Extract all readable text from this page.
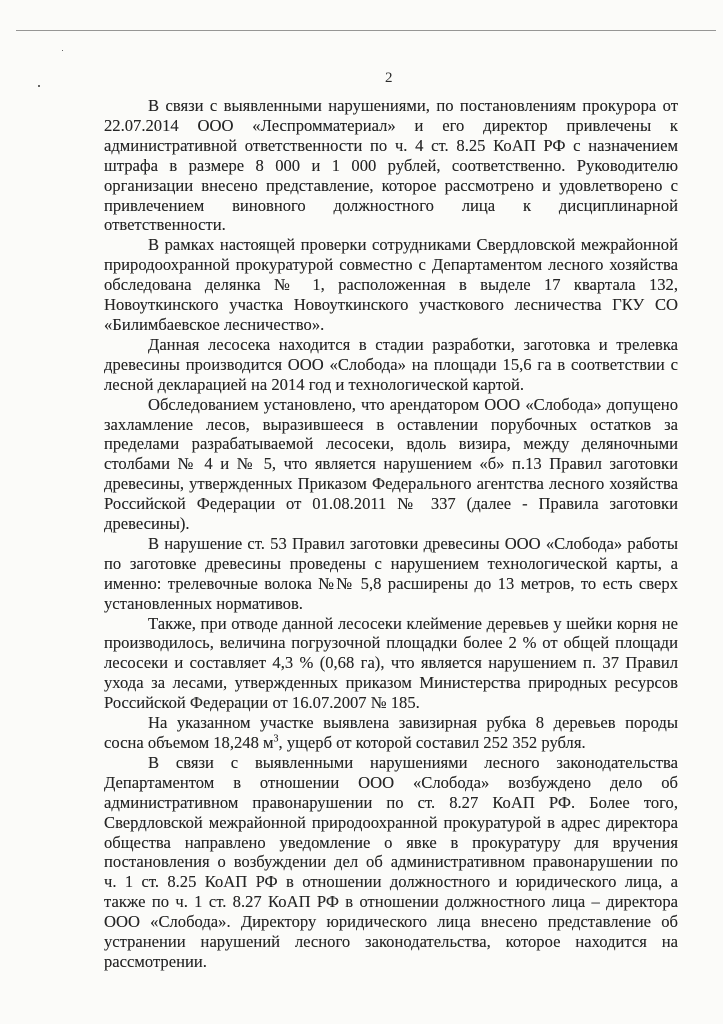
2
В связи с выявленными нарушениями, по постановлениям прокурора от
22.07.2014 ООО «Леспромматериал» и его директор привлечены к
административной ответственности по ч. 4 ст. 8.25 КоАП РФ с назначением
штрафа в размере 8 000 и 1 000 рублей, соответственно. Руководителю
организации внесено представление, которое рассмотрено и удовлетворено с
привлечением виновного должностного лица к дисциплинарной
ответственности.
В рамках настоящей проверки сотрудниками Свердловской межрайонной
природоохранной прокуратурой совместно с Департаментом лесного хозяйства
обследована делянка № 1, расположенная в выделе 17 квартала 132,
Новоуткинского участка Новоуткинского участкового лесничества ГКУ СО
«Билимбаевское лесничество».
Данная лесосека находится в стадии разработки, заготовка и трелевка
древесины производится ООО «Слобода» на площади 15,6 га в соответствии с
лесной декларацией на 2014 год и технологической картой.
Обследованием установлено, что арендатором ООО «Слобода» допущено
захламление лесов, выразившееся в оставлении порубочных остатков за
пределами разрабатываемой лесосеки, вдоль визира, между деляночными
столбами № 4 и № 5, что является нарушением «б» п.13 Правил заготовки
древесины, утвержденных Приказом Федерального агентства лесного хозяйства
Российской Федерации от 01.08.2011 № 337 (далее - Правила заготовки
древесины).
В нарушение ст. 53 Правил заготовки древесины ООО «Слобода» работы
по заготовке древесины проведены с нарушением технологической карты, а
именно: трелевочные волока №№ 5,8 расширены до 13 метров, то есть сверх
установленных нормативов.
Также, при отводе данной лесосеки клеймение деревьев у шейки корня не
производилось, величина погрузочной площадки более 2 % от общей площади
лесосеки и составляет 4,3 % (0,68 га), что является нарушением п. 37 Правил
ухода за лесами, утвержденных приказом Министерства природных ресурсов
Российской Федерации от 16.07.2007 № 185.
На указанном участке выявлена завизирная рубка 8 деревьев породы
сосна объемом 18,248 $м^3$, ущерб от которой составил 252 352 рубля.
В связи с выявленными нарушениями лесного законодательства
Департаментом в отношении ООО «Слобода» возбуждено дело об
административном правонарушении по ст. 8.27 КоАП РФ. Более того,
Свердловской межрайонной природоохранной прокуратурой в адрес директора
общества направлено уведомление о явке в прокуратуру для вручения
постановления о возбуждении дел об административном правонарушении по
ч. 1 ст. 8.25 КоАП РФ в отношении должностного и юридического лица, а
также по ч. 1 ст. 8.27 КоАП РФ в отношении должностного лица – директора
ООО «Слобода». Директору юридического лица внесено представление об
устранении нарушений лесного законодательства, которое находится на
рассмотрении.
